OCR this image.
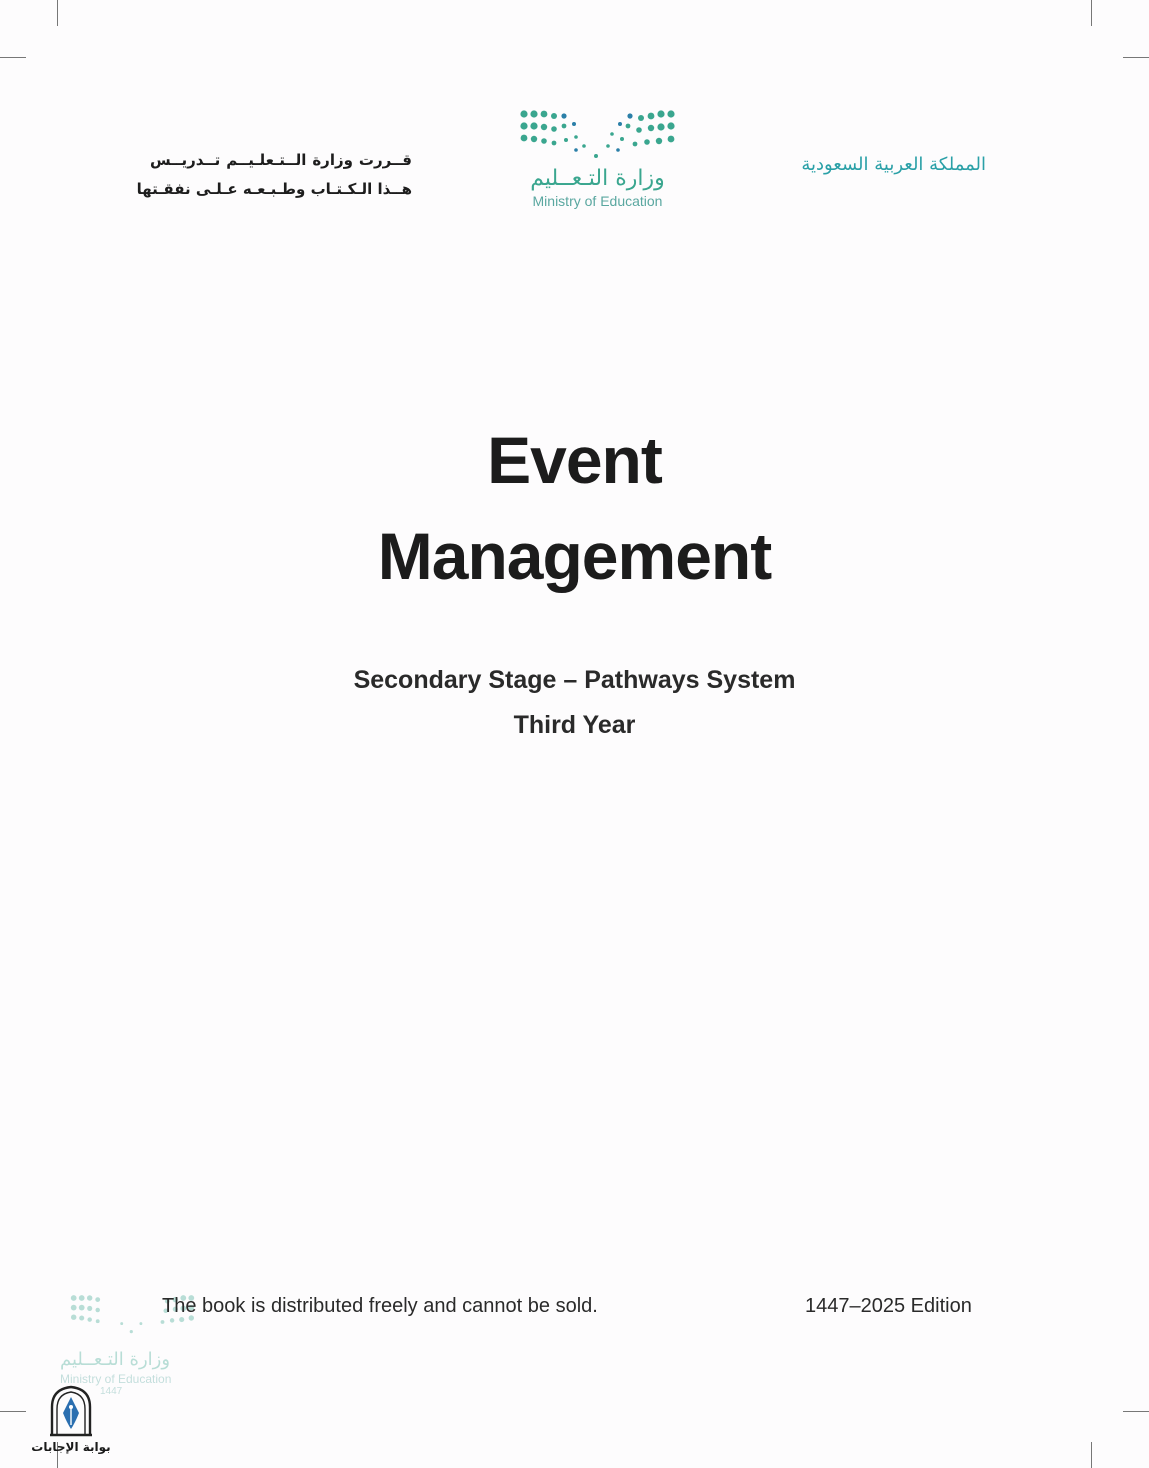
قــررت وزارة الــتـعلـيــم تــدريــس
هــذا الـكـتـاب وطـبـعـه عـلـى نفقـتها	وزارة التـعــليم
Ministry of Education
المملكة العربية السعودية
Event
Management
Secondary Stage – Pathways System
Third Year
وزارة التـعــليم
Ministry of Education
1447
The book is distributed freely and cannot be sold.	1447–2025 Edition
بوابة الإجابات
